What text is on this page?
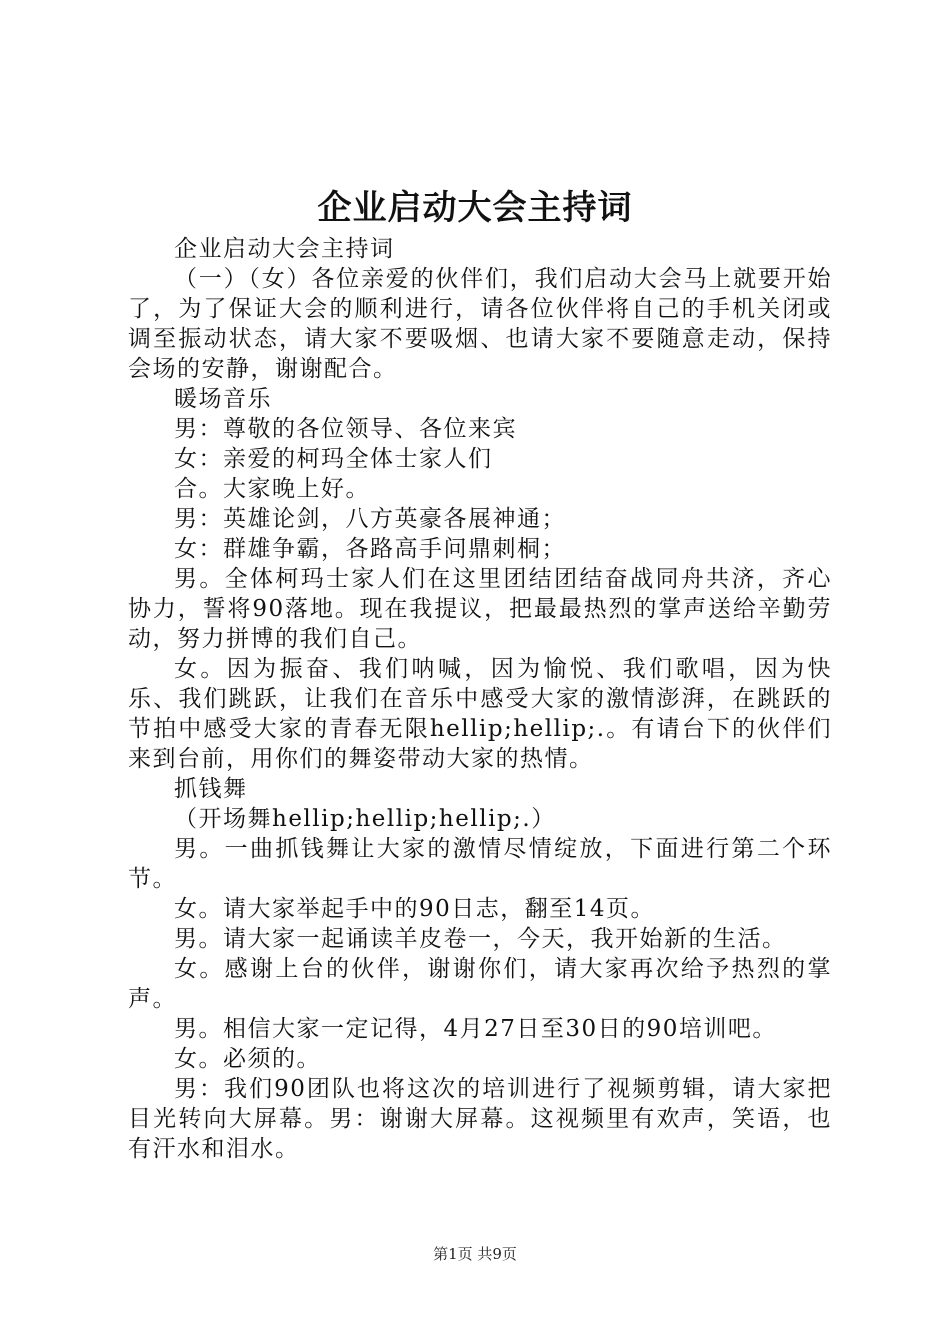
企业启动大会主持词

企业启动大会主持词

（一）（女）各位亲爱的伙伴们，我们启动大会马上就要开始了，为了保证大会的顺利进行，请各位伙伴将自己的手机关闭或调至振动状态，请大家不要吸烟、也请大家不要随意走动，保持会场的安静，谢谢配合。

暖场音乐

男：尊敬的各位领导、各位来宾

女：亲爱的柯玛全体士家人们

合。大家晚上好。

男：英雄论剑，八方英豪各展神通；

女：群雄争霸，各路高手问鼎刺桐；

男。全体柯玛士家人们在这里团结团结奋战同舟共济，齐心协力，誓将90落地。现在我提议，把最最热烈的掌声送给辛勤劳动，努力拼博的我们自己。

女。因为振奋、我们呐喊，因为愉悦、我们歌唱，因为快乐、我们跳跃，让我们在音乐中感受大家的激情澎湃，在跳跃的节拍中感受大家的青春无限hellip;hellip;.。有请台下的伙伴们来到台前，用你们的舞姿带动大家的热情。

抓钱舞

（开场舞hellip;hellip;hellip;.）

男。一曲抓钱舞让大家的激情尽情绽放，下面进行第二个环节。

女。请大家举起手中的90日志，翻至14页。

男。请大家一起诵读羊皮卷一，今天，我开始新的生活。

女。感谢上台的伙伴，谢谢你们，请大家再次给予热烈的掌声。

男。相信大家一定记得，4月27日至30日的90培训吧。

女。必须的。

男：我们90团队也将这次的培训进行了视频剪辑，请大家把目光转向大屏幕。男：谢谢大屏幕。这视频里有欢声，笑语，也有汗水和泪水。

第1页 共9页
